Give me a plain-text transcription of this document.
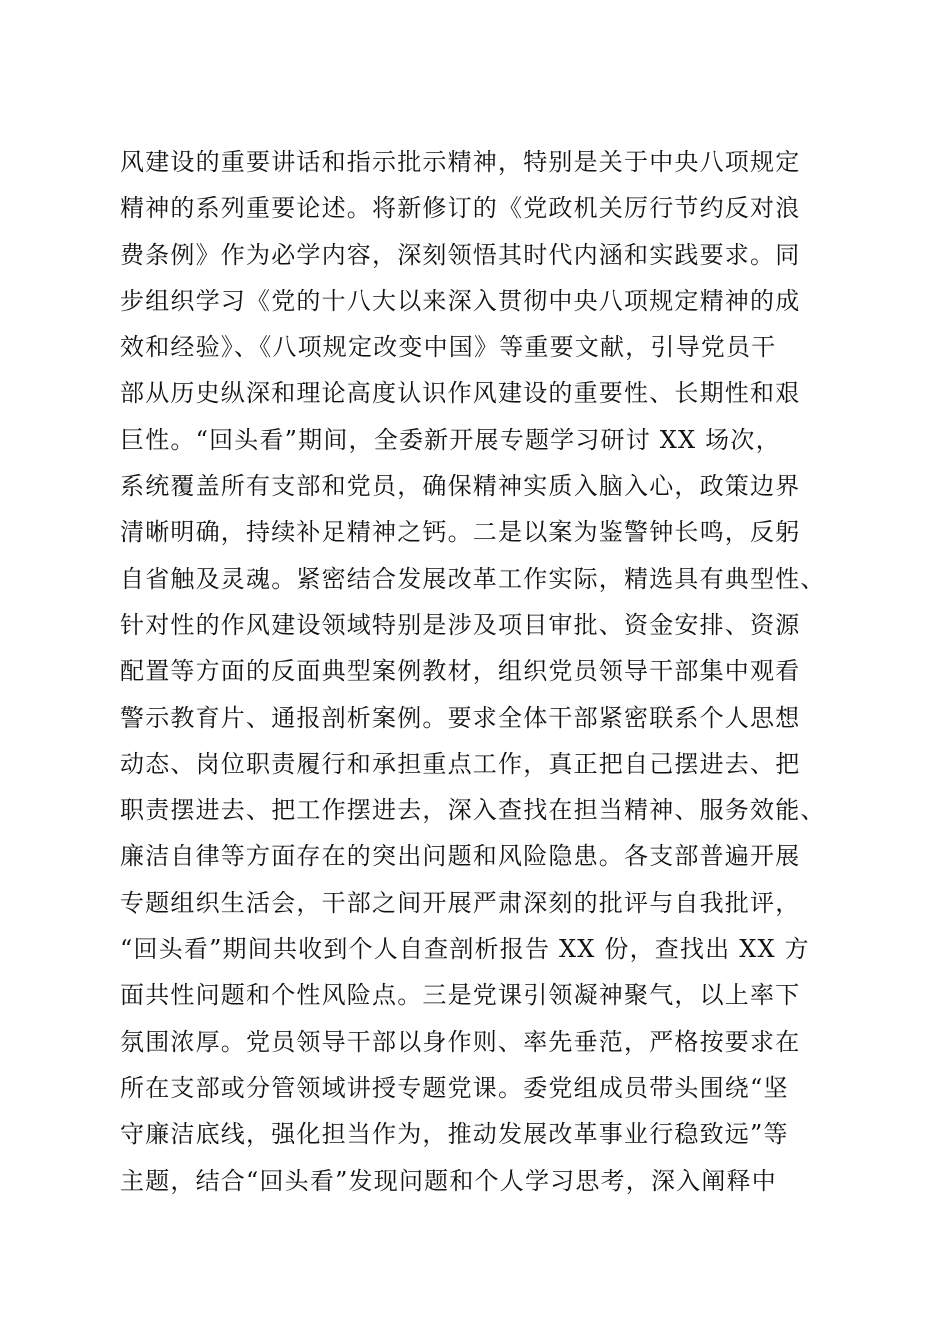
风建设的重要讲话和指示批示精神，特别是关于中央八项规定
精神的系列重要论述。将新修订的《党政机关厉行节约反对浪
费条例》作为必学内容，深刻领悟其时代内涵和实践要求。同
步组织学习《党的十八大以来深入贯彻中央八项规定精神的成
效和经验》、《八项规定改变中国》等重要文献，引导党员干
部从历史纵深和理论高度认识作风建设的重要性、长期性和艰
巨性。“回头看”期间，全委新开展专题学习研讨 XX 场次，
系统覆盖所有支部和党员，确保精神实质入脑入心，政策边界
清晰明确，持续补足精神之钙。二是以案为鉴警钟长鸣，反躬
自省触及灵魂。紧密结合发展改革工作实际，精选具有典型性、
针对性的作风建设领域特别是涉及项目审批、资金安排、资源
配置等方面的反面典型案例教材，组织党员领导干部集中观看
警示教育片、通报剖析案例。要求全体干部紧密联系个人思想
动态、岗位职责履行和承担重点工作，真正把自己摆进去、把
职责摆进去、把工作摆进去，深入查找在担当精神、服务效能、
廉洁自律等方面存在的突出问题和风险隐患。各支部普遍开展
专题组织生活会，干部之间开展严肃深刻的批评与自我批评，
“回头看”期间共收到个人自查剖析报告 XX 份，查找出 XX 方
面共性问题和个性风险点。三是党课引领凝神聚气，以上率下
氛围浓厚。党员领导干部以身作则、率先垂范，严格按要求在
所在支部或分管领域讲授专题党课。委党组成员带头围绕“坚
守廉洁底线，强化担当作为，推动发展改革事业行稳致远”等
主题，结合“回头看”发现问题和个人学习思考，深入阐释中
